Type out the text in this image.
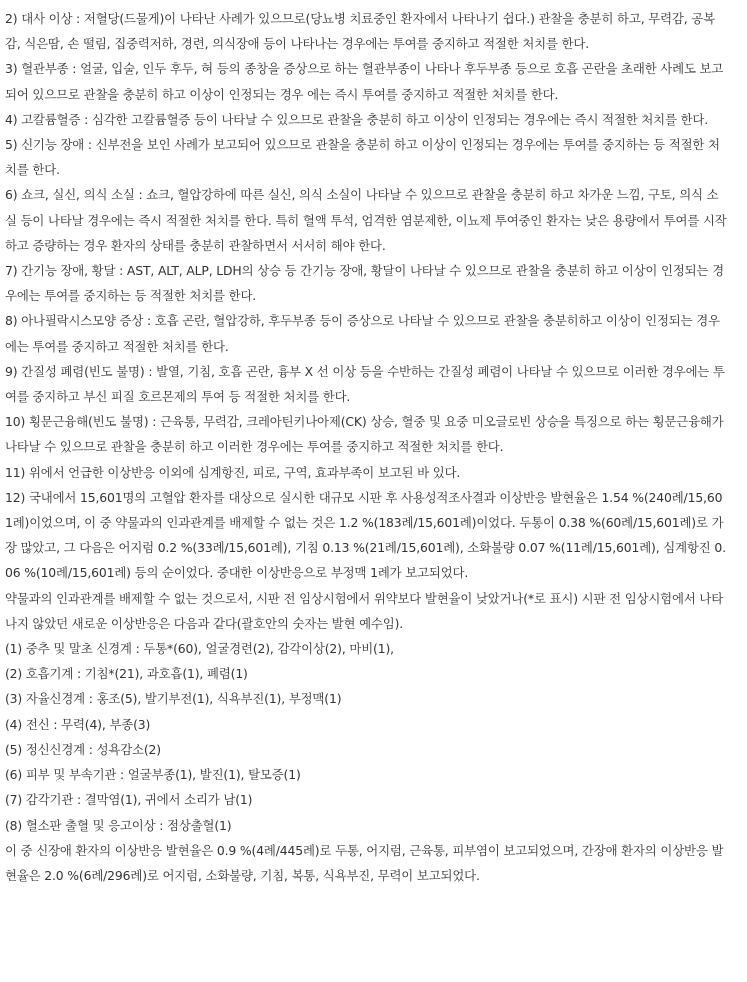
2) 대사 이상 : 저혈당(드물게)이 나타난 사례가 있으므로(당뇨병 치료중인 환자에서 나타나기 쉽다.) 관찰을 충분히 하고, 무력감, 공복감, 식은땀, 손 떨림, 집중력저하, 경련, 의식장애 등이 나타나는 경우에는 투여를 중지하고 적절한 처치를 한다.

3) 혈관부종 : 얼굴, 입술, 인두 후두, 혀 등의 종창을 증상으로 하는 혈관부종이 나타나 후두부종 등으로 호흡 곤란을 초래한 사례도 보고되어 있으므로 관찰을 충분히 하고 이상이 인정되는 경우 에는 즉시 투여를 중지하고 적절한 처치를 한다.

4) 고칼륨혈증 : 심각한 고칼륨혈증 등이 나타날 수 있으므로 관찰을 충분히 하고 이상이 인정되는 경우에는 즉시 적절한 처치를 한다.

5) 신기능 장애 : 신부전을 보인 사례가 보고되어 있으므로 관찰을 충분히 하고 이상이 인정되는 경우에는 투여를 중지하는 등 적절한 처치를 한다.

6) 쇼크, 실신, 의식 소실 : 쇼크, 혈압강하에 따른 실신, 의식 소실이 나타날 수 있으므로 관찰을 충분히 하고 차가운 느낌, 구토, 의식 소실 등이 나타날 경우에는 즉시 적절한 처치를 한다. 특히 혈액 투석, 엄격한 염분제한, 이뇨제 투여중인 환자는 낮은 용량에서 투여를 시작하고 증량하는 경우 환자의 상태를 충분히 관찰하면서 서서히 해야 한다.

7) 간기능 장애, 황달 : AST, ALT, ALP, LDH의 상승 등 간기능 장애, 황달이 나타날 수 있으므로 관찰을 충분히 하고 이상이 인정되는 경우에는 투여를 중지하는 등 적절한 처치를 한다.

8) 아나필락시스모양 증상 : 호흡 곤란, 혈압강하, 후두부종 등이 증상으로 나타날 수 있으므로 관찰을 충분히하고 이상이 인정되는 경우에는 투여를 중지하고 적절한 처치를 한다.

9) 간질성 폐렴(빈도 불명) : 발열, 기침, 호흡 곤란, 흉부 X 선 이상 등을 수반하는 간질성 폐렴이 나타날 수 있으므로 이러한 경우에는 투여를 중지하고 부신 피질 호르몬제의 투여 등 적절한 처치를 한다.

10) 횡문근융해(빈도 불명) : 근육통, 무력감, 크레아틴키나아제(CK) 상승, 혈중 및 요중 미오글로빈 상승을 특징으로 하는 횡문근융해가 나타날 수 있으므로 관찰을 충분히 하고 이러한 경우에는 투여를 중지하고 적절한 처치를 한다.

11) 위에서 언급한 이상반응 이외에 심계항진, 피로, 구역, 효과부족이 보고된 바 있다.

12) 국내에서 15,601명의 고혈압 환자를 대상으로 실시한 대규모 시판 후 사용성적조사결과 이상반응 발현율은 1.54 %(240례/15,601례)이었으며, 이 중 약물과의 인과관계를 배제할 수 없는 것은 1.2 %(183례/15,601례)이었다. 두통이 0.38 %(60례/15,601례)로 가장 많았고, 그 다음은 어지럼 0.2 %(33례/15,601례), 기침 0.13 %(21례/15,601례), 소화불량 0.07 %(11례/15,601례), 심계항진 0.06 %(10례/15,601례) 등의 순이었다. 중대한 이상반응으로 부정맥 1례가 보고되었다.

약물과의 인과관계를 배제할 수 없는 것으로서, 시판 전 임상시험에서 위약보다 발현율이 낮았거나(*로 표시) 시판 전 임상시험에서 나타나지 않았던 새로운 이상반응은 다음과 같다(괄호안의 숫자는 발현 예수임).

(1) 중추 및 말초 신경계 : 두통*(60), 얼굴경련(2), 감각이상(2), 마비(1),

(2) 호흡기계 : 기침*(21), 과호흡(1), 폐렴(1)

(3) 자율신경계 : 홍조(5), 발기부전(1), 식욕부진(1), 부정맥(1)

(4) 전신 : 무력(4), 부종(3)

(5) 정신신경계 : 성욕감소(2)

(6) 피부 및 부속기관 : 얼굴부종(1), 발진(1), 탈모증(1)

(7) 감각기관 : 결막염(1), 귀에서 소리가 남(1)

(8) 혈소판 출혈 및 응고이상 : 점상출혈(1)

이 중 신장애 환자의 이상반응 발현율은 0.9 %(4례/445례)로 두통, 어지럼, 근육통, 피부염이 보고되었으며, 간장애 환자의 이상반응 발현율은 2.0 %(6례/296례)로 어지럼, 소화불량, 기침, 복통, 식욕부진, 무력이 보고되었다.
